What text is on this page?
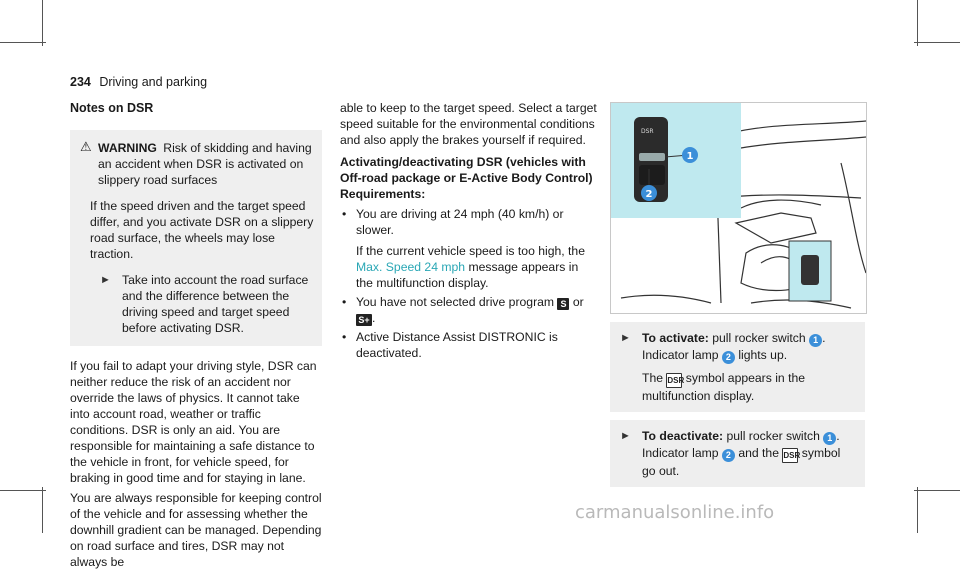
234 Driving and parking
Notes on DSR
⚠ WARNING Risk of skidding and having an accident when DSR is activated on slippery road surfaces

If the speed driven and the target speed differ, and you activate DSR on a slippery road surface, the wheels may lose traction.

► Take into account the road surface and the difference between the driving speed and target speed before activating DSR.

If you fail to adapt your driving style, DSR can neither reduce the risk of an accident nor override the laws of physics. It cannot take into account road, weather or traffic conditions. DSR is only an aid. You are responsible for maintaining a safe distance to the vehicle in front, for vehicle speed, for braking in good time and for staying in lane.

You are always responsible for keeping control of the vehicle and for assessing whether the downhill gradient can be managed. Depending on road surface and tires, DSR may not always be

able to keep to the target speed. Select a target speed suitable for the environmental conditions and also apply the brakes yourself if required.

Activating/deactivating DSR (vehicles with Off-road package or E-Active Body Control)

Requirements:

• You are driving at 24 mph (40 km/h) or slower.
If the current vehicle speed is too high, the Max. Speed 24 mph message appears in the multifunction display.
• You have not selected drive program S or
S+ .
• Active Distance Assist DISTRONIC is deactivated.
DSR
1
2
► To activate: pull rocker switch 1 . Indicator lamp 2 lights up.
The DSR symbol appears in the multifunction display.
► To deactivate: pull rocker switch 1 . Indicator lamp 2 and the DSR symbol go out.
carmanualsonline.info
